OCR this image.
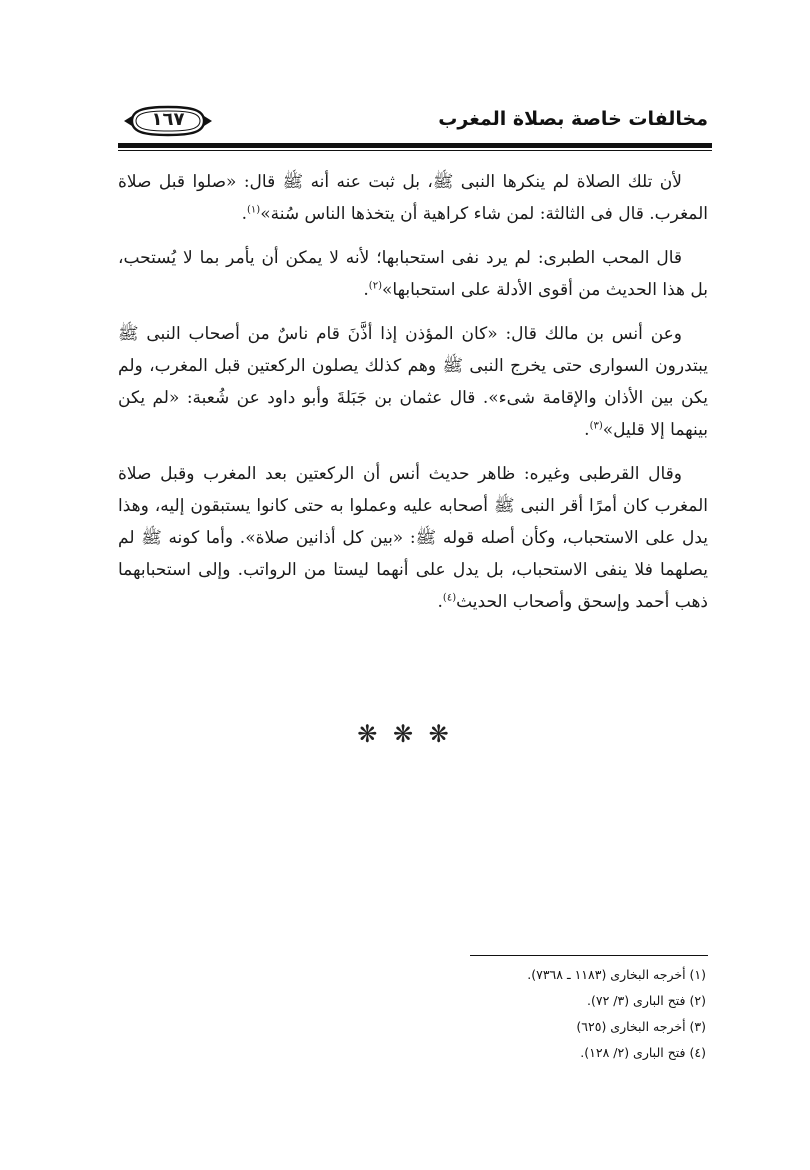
مخالفات خاصة بصلاة المغرب
١٦٧

لأن تلك الصلاة لم ينكرها النبى ﷺ، بل ثبت عنه أنه ﷺ قال: «صلوا قبل صلاة المغرب. قال فى الثالثة: لمن شاء كراهية أن يتخذها الناس سُنة»$^{(١)}$.

قال المحب الطبرى: لم يرد نفى استحبابها؛ لأنه لا يمكن أن يأمر بما لا يُستحب، بل هذا الحديث من أقوى الأدلة على استحبابها»$^{(٢)}$.

وعن أنس بن مالك قال: «كان المؤذن إذا أذَّنَ قام ناسٌ من أصحاب النبى ﷺ يبتدرون السوارى حتى يخرج النبى ﷺ وهم كذلك يصلون الركعتين قبل المغرب، ولم يكن بين الأذان والإقامة شىء». قال عثمان بن جَبَلةَ وأبو داود عن شُعبة: «لم يكن بينهما إلا قليل»$^{(٣)}$.

وقال القرطبى وغيره: ظاهر حديث أنس أن الركعتين بعد المغرب وقبل صلاة المغرب كان أمرًا أقر النبى ﷺ أصحابه عليه وعملوا به حتى كانوا يستبقون إليه، وهذا يدل على الاستحباب، وكأن أصله قوله ﷺ: «بين كل أذانين صلاة». وأما كونه ﷺ لم يصلهما فلا ينفى الاستحباب، بل يدل على أنهما ليستا من الرواتب. وإلى استحبابهما ذهب أحمد وإسحق وأصحاب الحديث$^{(٤)}$.

❋ ❋ ❋
(١) أخرجه البخارى (١١٨٣ ـ ٧٣٦٨).
(٢) فتح البارى (٣/ ٧٢).
(٣) أخرجه البخارى (٦٢٥)
(٤) فتح البارى (٢/ ١٢٨).
